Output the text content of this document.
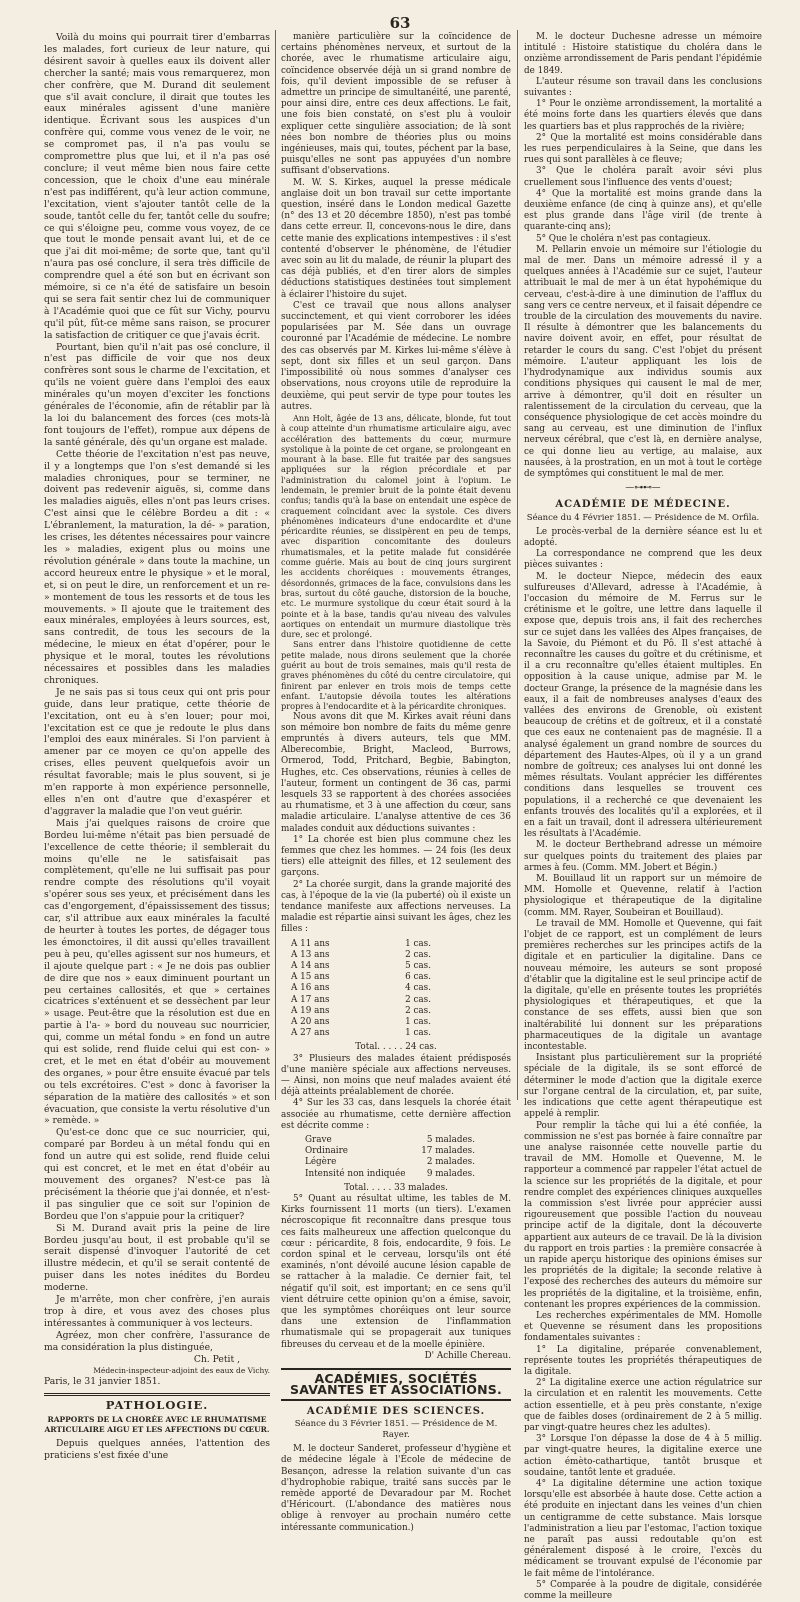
63

Voilà du moins qui pourrait tirer d'embarras les malades, fort curieux de leur nature, qui désirent savoir à quelles eaux ils doivent aller chercher la santé; mais vous remarquerez, mon cher confrère, que M. Durand dit seulement que s'il avait conclure, il dirait que toutes les eaux minérales agissent d'une manière identique. Écrivant sous les auspices d'un confrère qui, comme vous venez de le voir, ne se compromet pas, il n'a pas voulu se compromettre plus que lui, et il n'a pas osé conclure; il veut même bien nous faire cette concession, que le choix d'une eau minérale n'est pas indifférent, qu'à leur action commune, l'excitation, vient s'ajouter tantôt celle de la soude, tantôt celle du fer, tantôt celle du soufre; ce qui s'éloigne peu, comme vous voyez, de ce que tout le monde pensait avant lui, et de ce que j'ai dit moi-même; de sorte que, tant qu'il n'aura pas osé conclure, il sera très difficile de comprendre quel a été son but en écrivant son mémoire, si ce n'a été de satisfaire un besoin qui se sera fait sentir chez lui de communiquer à l'Académie quoi que ce fût sur Vichy, pourvu qu'il pût, fût-ce même sans raison, se procurer la satisfaction de critiquer ce que j'avais écrit.

Pourtant, bien qu'il n'ait pas osé conclure, il n'est pas difficile de voir que nos deux confrères sont sous le charme de l'excitation, et qu'ils ne voient guère dans l'emploi des eaux minérales qu'un moyen d'exciter les fonctions générales de l'économie, afin de rétablir par là la loi du balancement des forces (ces mots-là font toujours de l'effet), rompue aux dépens de la santé générale, dès qu'un organe est malade.

Cette théorie de l'excitation n'est pas neuve, il y a longtemps que l'on s'est demandé si les maladies chroniques, pour se terminer, ne doivent pas redevenir aiguës, si, comme dans les maladies aiguës, elles n'ont pas leurs crises. C'est ainsi que le célèbre Bordeu a dit : « L'ébranlement, la maturation, la dé- » paration, les crises, les détentes nécessaires pour vaincre les » maladies, exigent plus ou moins une révolution générale » dans toute la machine, un accord heureux entre le physique » et le moral, et, si on peut le dire, un renforcement et un re- » montement de tous les ressorts et de tous les mouvements. » Il ajoute que le traitement des eaux minérales, employées à leurs sources, est, sans contredit, de tous les secours de la médecine, le mieux en état d'opérer, pour le physique et le moral, toutes les révolutions nécessaires et possibles dans les maladies chroniques.

Je ne sais pas si tous ceux qui ont pris pour guide, dans leur pratique, cette théorie de l'excitation, ont eu à s'en louer; pour moi, l'excitation est ce que je redoute le plus dans l'emploi des eaux minérales. Si l'on parvient à amener par ce moyen ce qu'on appelle des crises, elles peuvent quelquefois avoir un résultat favorable; mais le plus souvent, si je m'en rapporte à mon expérience personnelle, elles n'en ont d'autre que d'exaspérer et d'aggraver la maladie que l'on veut guérir.

Mais j'ai quelques raisons de croire que Bordeu lui-même n'était pas bien persuadé de l'excellence de cette théorie; il semblerait du moins qu'elle ne le satisfaisait pas complètement, qu'elle ne lui suffisait pas pour rendre compte des résolutions qu'il voyait s'opérer sous ses yeux, et précisément dans les cas d'engorgement, d'épaississement des tissus; car, s'il attribue aux eaux minérales la faculté de heurter à toutes les portes, de dégager tous les émonctoires, il dit aussi qu'elles travaillent peu à peu, qu'elles agissent sur nos humeurs, et il ajoute quelque part : « Je ne dois pas oublier de dire que nos » eaux diminuent pourtant un peu certaines callosités, et que » certaines cicatrices s'exténuent et se dessèchent par leur » usage. Peut-être que la résolution est due en partie à l'a- » bord du nouveau suc nourricier, qui, comme un métal fondu » en fond un autre qui est solide, rend fluide celui qui est con- » cret, et le met en état d'obéir au mouvement des organes, » pour être ensuite évacué par tels ou tels excrétoires. C'est » donc à favoriser la séparation de la matière des callosités » et son évacuation, que consiste la vertu résolutive d'un » remède. »

Qu'est-ce donc que ce suc nourricier, qui, comparé par Bordeu à un métal fondu qui en fond un autre qui est solide, rend fluide celui qui est concret, et le met en état d'obéir au mouvement des organes? N'est-ce pas là précisément la théorie que j'ai donnée, et n'est-il pas singulier que ce soit sur l'opinion de Bordeu que l'on s'appuie pour la critiquer?

Si M. Durand avait pris la peine de lire Bordeu jusqu'au bout, il est probable qu'il se serait dispensé d'invoquer l'autorité de cet illustre médecin, et qu'il se serait contenté de puiser dans les notes inédites du Bordeu moderne.

Je m'arrête, mon cher confrère, j'en aurais trop à dire, et vous avez des choses plus intéressantes à communiquer à vos lecteurs.

Agréez, mon cher confrère, l'assurance de ma considération la plus distinguée,

Ch. Petit ,
Médecin-inspecteur-adjoint des eaux de Vichy.
Paris, le 31 janvier 1851.
PATHOLOGIE.
RAPPORTS DE LA CHORÉE AVEC LE RHUMATISME ARTICULAIRE AIGU ET LES AFFECTIONS DU CŒUR.

Depuis quelques années, l'attention des praticiens s'est fixée d'une

manière particulière sur la coïncidence de certains phénomènes nerveux, et surtout de la chorée, avec le rhumatisme articulaire aigu, coïncidence observée déjà un si grand nombre de fois, qu'il devient impossible de se refuser à admettre un principe de simultanéité, une parenté, pour ainsi dire, entre ces deux affections. Le fait, une fois bien constaté, on s'est plu à vouloir expliquer cette singulière association; de là sont nées bon nombre de théories plus ou moins ingénieuses, mais qui, toutes, péchent par la base, puisqu'elles ne sont pas appuyées d'un nombre suffisant d'observations.

M. W. S. Kirkes, auquel la presse médicale anglaise doit un bon travail sur cette importante question, inséré dans le London medical Gazette (n° des 13 et 20 décembre 1850), n'est pas tombé dans cette erreur. Il, concevons-nous le dire, dans cette manie des explications intempestives : il s'est contenté d'observer le phénomène, de l'étudier avec soin au lit du malade, de réunir la plupart des cas déjà publiés, et d'en tirer alors de simples déductions statistiques destinées tout simplement à éclairer l'histoire du sujet.

C'est ce travail que nous allons analyser succinctement, et qui vient corroborer les idées popularisées par M. Sée dans un ouvrage couronné par l'Académie de médecine. Le nombre des cas observés par M. Kirkes lui-même s'élève à sept, dont six filles et un seul garçon. Dans l'impossibilité où nous sommes d'analyser ces observations, nous croyons utile de reproduire la deuxième, qui peut servir de type pour toutes les autres.

Ann Holt, âgée de 13 ans, délicate, blonde, fut tout à coup atteinte d'un rhumatisme articulaire aigu, avec accélération des battements du cœur, murmure systolique à la pointe de cet organe, se prolongeant en mourant à la base. Elle fut traitée par des sangsues appliquées sur la région précordiale et par l'administration du calomel joint à l'opium. Le lendemain, le premier bruit de la pointe était devenu confus; tandis qu'à la base on entendait une espèce de craquement coïncidant avec la systole. Ces divers phénomènes indicateurs d'une endocardite et d'une péricardite réunies, se dissipèrent en peu de temps, avec disparition concomitante des douleurs rhumatismales, et la petite malade fut considérée comme guérie. Mais au bout de cinq jours surgirent les accidents choréiques : mouvements étranges, désordonnés, grimaces de la face, convulsions dans les bras, surtout du côté gauche, distorsion de la bouche, etc. Le murmure systolique du cœur était sourd à la pointe et à la base, tandis qu'au niveau des valvules aortiques on entendait un murmure diastolique très dure, sec et prolongé.

Sans entrer dans l'histoire quotidienne de cette petite malade, nous dirons seulement que la chorée guérit au bout de trois semaines, mais qu'il resta de graves phénomènes du côté du centre circulatoire, qui finirent par enlever en trois mois de temps cette enfant. L'autopsie dévoila toutes les altérations propres à l'endocardite et à la péricardite chroniques.

Nous avons dit que M. Kirkes avait réuni dans son mémoire bon nombre de faits du même genre empruntés à divers auteurs, tels que MM. Alberecombie, Bright, Macleod, Burrows, Ormerod, Todd, Pritchard, Begbie, Babington, Hughes, etc. Ces observations, réunies à celles de l'auteur, forment un contingent de 36 cas, parmi lesquels 33 se rapportent à des chorées associées au rhumatisme, et 3 à une affection du cœur, sans maladie articulaire. L'analyse attentive de ces 36 malades conduit aux déductions suivantes :

1° La chorée est bien plus commune chez les femmes que chez les hommes. — 24 fois (les deux tiers) elle atteignit des filles, et 12 seulement des garçons.

2° La chorée surgit, dans la grande majorité des cas, à l'époque de la vie (la puberté) où il existe un tendance manifeste aux affections nerveuses. La maladie est répartie ainsi suivant les âges, chez les filles :

A 11 ans	1 cas.
A 13 ans	2 cas.
A 14 ans	5 cas.
A 15 ans	6 cas.
A 16 ans	4 cas.
A 17 ans	2 cas.
A 19 ans	2 cas.
A 20 ans	1 cas.
A 27 ans	1 cas.
Total. . . . . 24 cas.

3° Plusieurs des malades étaient prédisposés d'une manière spéciale aux affections nerveuses. — Ainsi, non moins que neuf malades avaient été déjà atteints préalablement de chorée.

4° Sur les 33 cas, dans lesquels la chorée était associée au rhumatisme, cette dernière affection est décrite comme :

Grave	5 malades.
Ordinaire	17 malades.
Légère	2 malades.
Intensité non indiquée 9 malades.
Total. . . . . 33 malades.

5° Quant au résultat ultime, les tables de M. Kirks fournissent 11 morts (un tiers). L'examen nécroscopique fit reconnaître dans presque tous ces faits malheureux une affection quelconque du cœur : péricardite, 8 fois, endocardite, 9 fois. Le cordon spinal et le cerveau, lorsqu'ils ont été examinés, n'ont dévoilé aucune lésion capable de se rattacher à la maladie. Ce dernier fait, tel négatif qu'il soit, est important; en ce sens qu'il vient détruire cette opinion qu'on a émise, savoir, que les symptômes choréiques ont leur source dans une extension de l'inflammation rhumatismale qui se propagerait aux tuniques fibreuses du cerveau et de la moelle épinière.

D' Achille Chereau.
ACADÉMIES, SOCIÉTÉS SAVANTES ET ASSOCIATIONS.
ACADÉMIE DES SCIENCES.
Séance du 3 Février 1851. — Présidence de M. Rayer.

M. le docteur Sanderet, professeur d'hygiène et de médecine légale à l'École de médecine de Besançon, adresse la relation suivante d'un cas d'hydrophobie rabique, traité sans succès par le remède apporté de Devaradour par M. Rochet d'Héricourt. (L'abondance des matières nous oblige à renvoyer au prochain numéro cette intéressante communication.)

M. le docteur Duchesne adresse un mémoire intitulé : Histoire statistique du choléra dans le onzième arrondissement de Paris pendant l'épidémie de 1849.

L'auteur résume son travail dans les conclusions suivantes :

1° Pour le onzième arrondissement, la mortalité a été moins forte dans les quartiers élevés que dans les quartiers bas et plus rapprochés de la rivière;

2° Que la mortalité est moins considérable dans les rues perpendiculaires à la Seine, que dans les rues qui sont parallèles à ce fleuve;

3° Que le choléra paraît avoir sévi plus cruellement sous l'influence des vents d'ouest;

4° Que la mortalité est moins grande dans la deuxième enfance (de cinq à quinze ans), et qu'elle est plus grande dans l'âge viril (de trente à quarante-cinq ans);

5° Que le choléra n'est pas contagieux.

M. Pellarin envoie un mémoire sur l'étiologie du mal de mer. Dans un mémoire adressé il y a quelques années à l'Académie sur ce sujet, l'auteur attribuait le mal de mer à un état hypohémique du cerveau, c'est-à-dire à une diminution de l'afflux du sang vers ce centre nerveux, et il faisait dépendre ce trouble de la circulation des mouvements du navire. Il résulte à démontrer que les balancements du navire doivent avoir, en effet, pour résultat de retarder le cours du sang. C'est l'objet du présent mémoire. L'auteur appliquant les lois de l'hydrodynamique aux individus soumis aux conditions physiques qui causent le mal de mer, arrive à démontrer, qu'il doit en résulter un ralentissement de la circulation du cerveau, que la conséquence physiologique de cet accès moindre du sang au cerveau, est une diminution de l'influx nerveux cérébral, que c'est là, en dernière analyse, ce qui donne lieu au vertige, au malaise, aux nausées, à la prostration, en un mot à tout le cortège de symptômes qui constituent le mal de mer.

—⊶⊷—
ACADÉMIE DE MÉDECINE.
Séance du 4 Février 1851. — Présidence de M. Orfila.

Le procès-verbal de la dernière séance est lu et adopté.

La correspondance ne comprend que les deux pièces suivantes :

M. le docteur Niepce, médecin des eaux sulfureuses d'Allevard, adresse à l'Académie, à l'occasion du mémoire de M. Ferrus sur le crétinisme et le goître, une lettre dans laquelle il expose que, depuis trois ans, il fait des recherches sur ce sujet dans les vallées des Alpes françaises, de la Savoie, du Piémont et du Pô. Il s'est attaché à reconnaître les causes du goître et du crétinisme, et il a cru reconnaître qu'elles étaient multiples. En opposition à la cause unique, admise par M. le docteur Grange, la présence de la magnésie dans les eaux, il a fait de nombreuses analyses d'eaux des vallées des environs de Grenoble, où existent beaucoup de crétins et de goîtreux, et il a constaté que ces eaux ne contenaient pas de magnésie. Il a analysé également un grand nombre de sources du département des Hautes-Alpes, où il y a un grand nombre de goîtreux; ces analyses lui ont donné les mêmes résultats. Voulant apprécier les différentes conditions dans lesquelles se trouvent ces populations, il a recherché ce que devenaient les enfants trouvés des localités qu'il a explorées, et il en a fait un travail, dont il adressera ultérieurement les résultats à l'Académie.

M. le docteur Berthebrand adresse un mémoire sur quelques points du traitement des plaies par armes à feu. (Comm. MM. Jobert et Bégin.)

M. Bouillaud lit un rapport sur un mémoire de MM. Homolle et Quevenne, relatif à l'action physiologique et thérapeutique de la digitaline (comm. MM. Rayer, Soubeiran et Bouillaud).

Le travail de MM. Homolle et Quevenne, qui fait l'objet de ce rapport, est un complément de leurs premières recherches sur les principes actifs de la digitale et en particulier la digitaline. Dans ce nouveau mémoire, les auteurs se sont proposé d'établir que la digitaline est le seul principe actif de la digitale, qu'elle en présente toutes les propriétés physiologiques et thérapeutiques, et que la constance de ses effets, aussi bien que son inaltérabilité lui donnent sur les préparations pharmaceutiques de la digitale un avantage incontestable.

Insistant plus particulièrement sur la propriété spéciale de la digitale, ils se sont efforcé de déterminer le mode d'action que la digitale exerce sur l'organe central de la circulation, et, par suite, les indications que cette agent thérapeutique est appelé à remplir.

Pour remplir la tâche qui lui a été confiée, la commission ne s'est pas bornée à faire connaître par une analyse raisonnée cette nouvelle partie du travail de MM. Homolle et Quevenne, M. le rapporteur a commencé par rappeler l'état actuel de la science sur les propriétés de la digitale, et pour rendre complet des expériences cliniques auxquelles la commission s'est livrée pour apprécier aussi rigoureusement que possible l'action du nouveau principe actif de la digitale, dont la découverte appartient aux auteurs de ce travail. De là la division du rapport en trois parties : la première consacrée à un rapide aperçu historique des opinions émises sur les propriétés de la digitale; la seconde relative à l'exposé des recherches des auteurs du mémoire sur les propriétés de la digitaline, et la troisième, enfin, contenant les propres expériences de la commission.

Les recherches expérimentales de MM. Homolle et Quevenne se résument dans les propositions fondamentales suivantes :

1° La digitaline, préparée convenablement, représente toutes les propriétés thérapeutiques de la digitale.

2° La digitaline exerce une action régulatrice sur la circulation et en ralentit les mouvements. Cette action essentielle, et à peu près constante, n'exige que de faibles doses (ordinairement de 2 à 5 millig. par vingt-quatre heures chez les adultes).

3° Lorsque l'on dépasse la dose de 4 à 5 millig. par vingt-quatre heures, la digitaline exerce une action émèto-cathartique, tantôt brusque et soudaine, tantôt lente et graduée.

4° La digitaline détermine une action toxique lorsqu'elle est absorbée à haute dose. Cette action a été produite en injectant dans les veines d'un chien un centigramme de cette substance. Mais lorsque l'administration a lieu par l'estomac, l'action toxique ne paraît pas aussi redoutable qu'on est généralement disposé à le croire, l'excès du médicament se trouvant expulsé de l'économie par le fait même de l'intolérance.

5° Comparée à la poudre de digitale, considérée comme la meilleure
